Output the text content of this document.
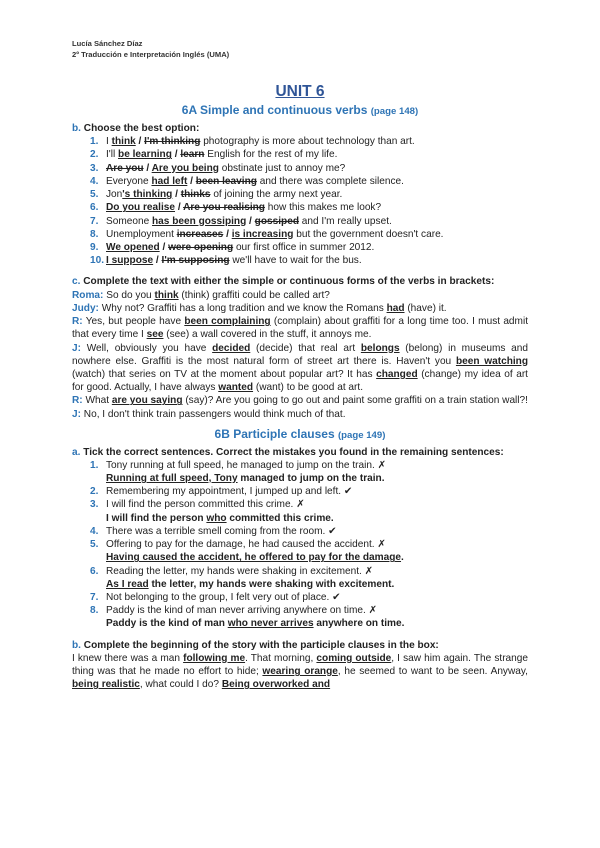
Lucía Sánchez Díaz
2º Traducción e Interpretación Inglés (UMA)
UNIT 6
6A Simple and continuous verbs (page 148)
b. Choose the best option:
1. I think / I'm thinking photography is more about technology than art.
2. I'll be learning / learn English for the rest of my life.
3. Are you / Are you being obstinate just to annoy me?
4. Everyone had left / been leaving and there was complete silence.
5. Jon's thinking / thinks of joining the army next year.
6. Do you realise / Are you realising how this makes me look?
7. Someone has been gossiping / gossiped and I'm really upset.
8. Unemployment increases / is increasing but the government doesn't care.
9. We opened / were opening our first office in summer 2012.
10. I suppose / I'm supposing we'll have to wait for the bus.
c. Complete the text with either the simple or continuous forms of the verbs in brackets:
Roma: So do you think (think) graffiti could be called art?
Judy: Why not? Graffiti has a long tradition and we know the Romans had (have) it.
R: Yes, but people have been complaining (complain) about graffiti for a long time too. I must admit that every time I see (see) a wall covered in the stuff, it annoys me.
J: Well, obviously you have decided (decide) that real art belongs (belong) in museums and nowhere else. Graffiti is the most natural form of street art there is. Haven't you been watching (watch) that series on TV at the moment about popular art? It has changed (change) my idea of art for good. Actually, I have always wanted (want) to be good at art.
R: What are you saying (say)? Are you going to go out and paint some graffiti on a train station wall?!
J: No, I don't think train passengers would think much of that.
6B Participle clauses (page 149)
a. Tick the correct sentences. Correct the mistakes you found in the remaining sentences:
1. Tony running at full speed, he managed to jump on the train. ✗
Running at full speed, Tony managed to jump on the train.
2. Remembering my appointment, I jumped up and left. ✔
3. I will find the person committed this crime. ✗
I will find the person who committed this crime.
4. There was a terrible smell coming from the room. ✔
5. Offering to pay for the damage, he had caused the accident. ✗
Having caused the accident, he offered to pay for the damage.
6. Reading the letter, my hands were shaking in excitement. ✗
As I read the letter, my hands were shaking with excitement.
7. Not belonging to the group, I felt very out of place. ✔
8. Paddy is the kind of man never arriving anywhere on time. ✗
Paddy is the kind of man who never arrives anywhere on time.
b. Complete the beginning of the story with the participle clauses in the box:
I knew there was a man following me. That morning, coming outside, I saw him again. The strange thing was that he made no effort to hide; wearing orange, he seemed to want to be seen. Anyway, being realistic, what could I do? Being overworked and
